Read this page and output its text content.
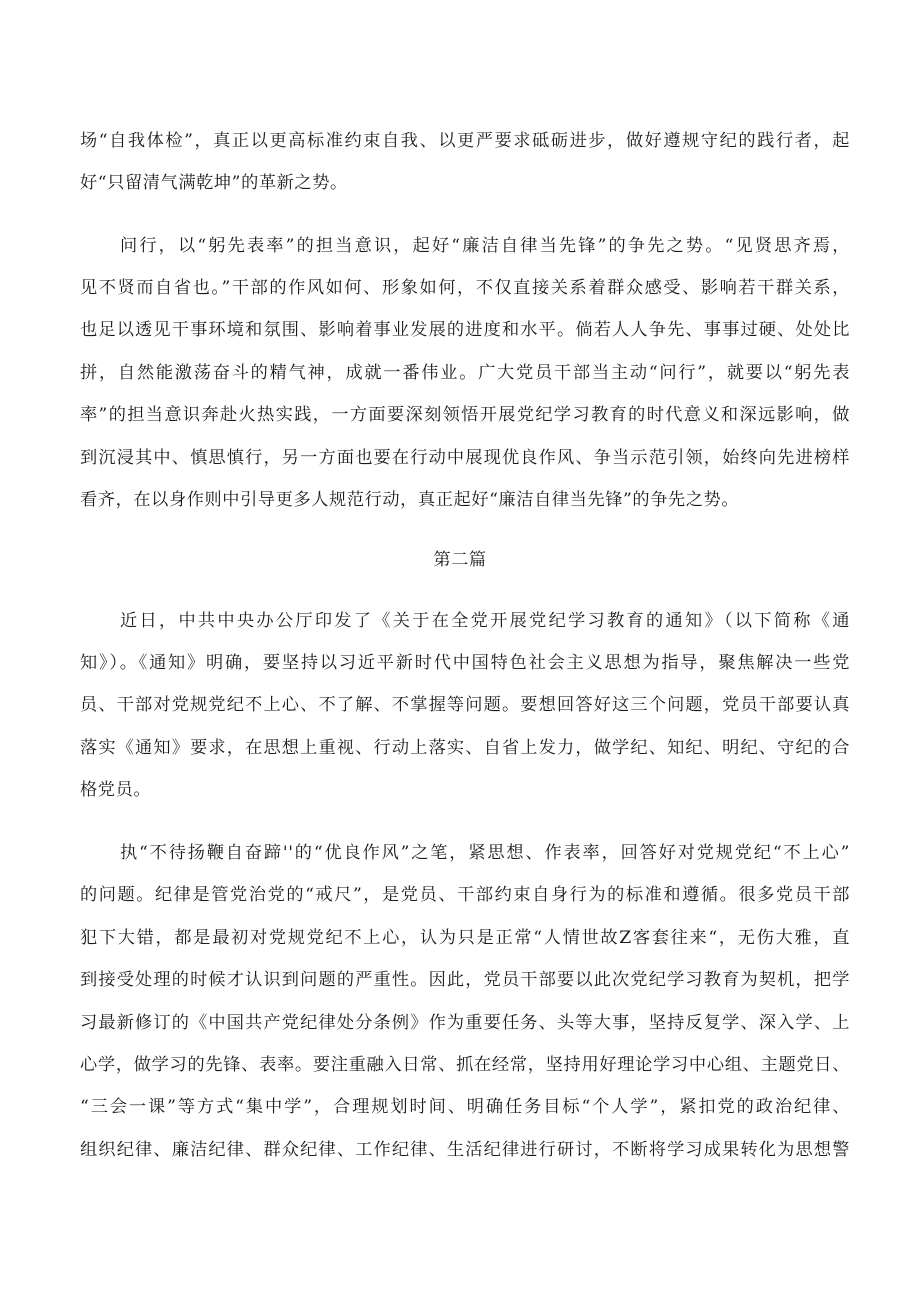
场“自我体检”，真正以更高标准约束自我、以更严要求砥砺进步，做好遵规守纪的践行者，起
好“只留清气满乾坤”的革新之势。
问行，以“躬先表率”的担当意识，起好“廉洁自律当先锋”的争先之势。“见贤思齐焉，
见不贤而自省也。”干部的作风如何、形象如何，不仅直接关系着群众感受、影响若干群关系，
也足以透见干事环境和氛围、影响着事业发展的进度和水平。倘若人人争先、事事过硬、处处比
拼，自然能激荡奋斗的精气神，成就一番伟业。广大党员干部当主动“问行”，就要以“躬先表
率”的担当意识奔赴火热实践，一方面要深刻领悟开展党纪学习教育的时代意义和深远影响，做
到沉浸其中、慎思慎行，另一方面也要在行动中展现优良作风、争当示范引领，始终向先进榜样
看齐，在以身作则中引导更多人规范行动，真正起好“廉洁自律当先锋”的争先之势。
第二篇
近日，中共中央办公厅印发了《关于在全党开展党纪学习教育的通知》（以下简称《通
知》）。《通知》明确，要坚持以习近平新时代中国特色社会主义思想为指导，聚焦解决一些党
员、干部对党规党纪不上心、不了解、不掌握等问题。要想回答好这三个问题，党员干部要认真
落实《通知》要求，在思想上重视、行动上落实、自省上发力，做学纪、知纪、明纪、守纪的合
格党员。
执“不待扬鞭自奋蹄''的“优良作风”之笔，紧思想、作表率，回答好对党规党纪“不上心”
的问题。纪律是管党治党的“戒尺”，是党员、干部约束自身行为的标准和遵循。很多党员干部
犯下大错，都是最初对党规党纪不上心，认为只是正常“人情世故Z客套往来“，无伤大雅，直
到接受处理的时候才认识到问题的严重性。因此，党员干部要以此次党纪学习教育为契机，把学
习最新修订的《中国共产党纪律处分条例》作为重要任务、头等大事，坚持反复学、深入学、上
心学，做学习的先锋、表率。要注重融入日常、抓在经常，坚持用好理论学习中心组、主题党日、
“三会一课”等方式“集中学”，合理规划时间、明确任务目标“个人学”，紧扣党的政治纪律、
组织纪律、廉洁纪律、群众纪律、工作纪律、生活纪律进行研讨，不断将学习成果转化为思想警
